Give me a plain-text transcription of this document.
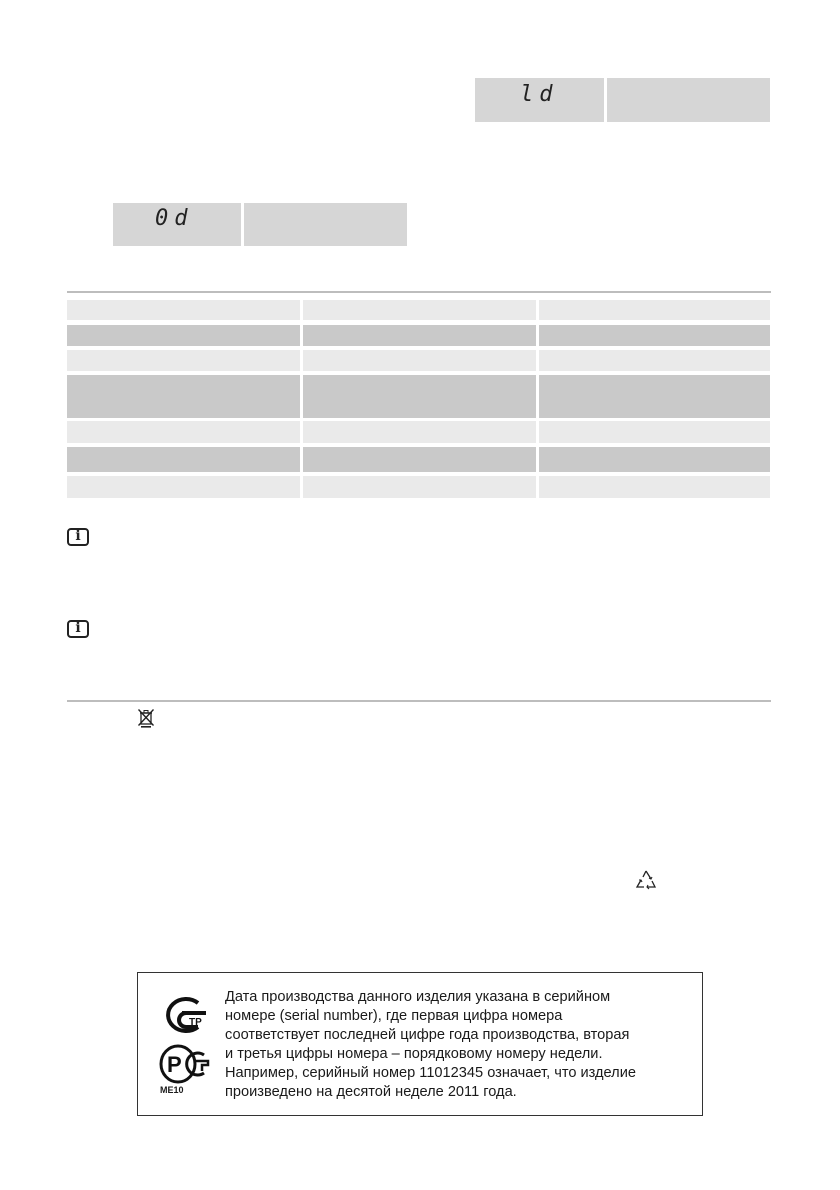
ld
0d
i
i
ТР
Р
ME10
Дата производства данного изделия указана в серийном
номере (serial number), где первая цифра номера
соответствует последней цифре года производства, вторая
и третья цифры номера – порядковому номеру недели.
Например, серийный номер 11012345 означает, что изделие
произведено на десятой неделе 2011 года.
